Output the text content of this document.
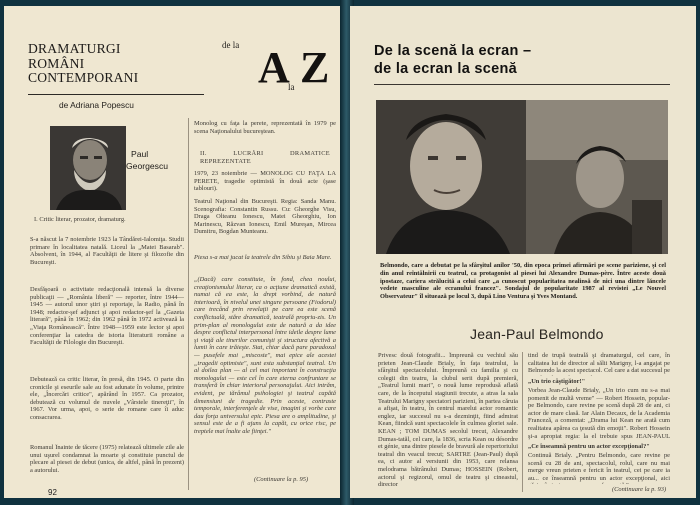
DRAMATURGI
ROMÂNI
CONTEMPORANI
de Adriana Popescu
de la A
la Z
Paul
Georgescu
I. Critic literar, prozator, dramaturg.
S-a născut la 7 noiembrie 1923 la Tândărei-Ialomiţa. Studii primare în localitatea natală. Liceul la „Matei Basarab". Absolvent, în 1944, al Facultăţii de litere şi filozofie din Bucureşti.
Desfăşoară o activitate redacţională intensă la diverse publicaţii — „România liberă" — reporter, între 1944—1945 — autorul unor ştiri şi reportaje, la Radio, până în 1948; redactor-şef adjunct şi apoi redactor-şef la „Gazeta literară", până în 1962; din 1962 până în 1972 activează la „Viaţa Românească". Între 1948—1959 este lector şi apoi conferenţiar la catedra de istoria literaturii române a Facultăţii de Filologie din Bucureşti.
Debutează ca critic literar, în presă, din 1945. O parte din cronicile şi eseurile sale au fost adunate în volume, printre ele, „Încercări critice", apărând în 1957. Ca prozator, debutează cu volumul de nuvele „Vârstele tinereţii", în 1967. Vor urma, apoi, o serie de romane care îi aduc consacrarea.
Romanul Înainte de tăcere (1975) relatează ultimele zile ale unui uşurel condamnat la moarte şi constituie punctul de plecare al piesei de debut (unica, de altfel, până în prezent) a autorului.
Monolog cu faţa la perete, reprezentată în 1979 pe scena Naţionalului bucureştean.
II. LUCRĂRI DRAMATICE REPREZENTATE
1979, 23 noiembrie — MONOLOG CU FAŢA LA PERETE, tragedie optimistă în două acte (şase tablouri).
Teatrul Naţional din Bucureşti. Regia: Sanda Manu. Scenografia: Constantin Russu. Cu: Gheorghe Visu, Draga Olteanu Ionescu, Matei Gheorghiu, Ion Marinescu, Răzvan Ionescu, Emil Mureşan, Mircea Dumitru, Bogdan Munteanu.
Piesa s-a mai jucat la teatrele din Sibiu şi Baia Mare.
„(Dacă) care constituie, în fond, chea noului, creaţionismului literar, ca o acţiune dramatică există, numai că ea este, la drept vorbind, de natură interioară, în nivelul unei singure persoane (Fiodorul) care trecând prin revelaţii pe care ea este scenă conflictuală, stăre dramatică, teatrală propriu-zis. Un prim-plan al monologului este de natură a da idee despre conflictul interpersonal între ideile despre lume şi viaţă ale tinerilor comunişti şi structura afectivă a lumii în care trăieşte. Stat, chiar dacă pare paradoxal — pusefele mai „miscoste", mai epice ale acestei „tragedii optimiste", sunt esta substanţial teatral. Un al doilea plan — al cel mai important în construcţia monologului — este cel în care eterna confruntare se transferă în chiar interiorul personajului. Aici intrăm, evident, pe tărâmul psihologiei şi teatrul capătă dimensiuni de tragedie. Prin aceste, contraste temporale, interferenţele de vise, imagini şi vorbe care dau forţa universului epic. Piesa are o amplitudine, şi sensul este de a fi ajuns la capăt, cu orice risc, pe treptele mai înalte ale fiinţei."
(Continuare la p. 95)
92
De la scenă la ecran –
de la ecran la scenă
Belmondo, care a debutat pe la sfârşitul anilor '50, din epoca primei afirmări pe scene pariziene, şi cel din anul reîntâlnirii cu teatrul, ca protagonist al piesei lui Alexandre Dumas-père. Între aceste două ipostaze, cariera strălucită a celui care „a cunoscut popularitatea nealinsă de nici una dintre lăncele vedete masculine ale ecranului francez". Sondajul de popularitate 1987 al revistei „Le Nouvel Observateur" îl situează pe locul 3, după Lino Ventura şi Yves Montand.
Jean-Paul Belmondo
Privesc două fotografii... Împreună cu vechiul său prieten Jean-Claude Brialy, în faţa teatrului, la sfârşitul spectacolului. Împreună cu familia şi cu colegii din teatru, la clubul serii după premieră, „Teatrul lumii mari", o nouă lume reprodusă aflată care, de la începutul stagiunii trecute, a atras la sala Teatrului Marigny spectatori parizieni, în partea căruia a afişat, în teatru, în centrul marelui actor romantic englez, iar succesul nu s-a dezminţit, fiind admirat Kean, fiindcă sunt spectacolele în culmea gloriei sale. KEAN ; TOM DUMAS secolul trecut, Alexandre Dumas-tatăl, cel care, la 1836, scria Kean ou désordre et génie, una dintre piesele de bravură ale repertoriului teatral din veacul trecut; SARTRE (Jean-Paul) după ea, ci autor al versiunii din 1953, care relansa melodrama bătrânului Dumas; HOSSEIN (Robert, actorul şi regizorul, omul de teatru şi cineastul, director
tind de trupă teatrală şi dramaturgul, cel care, în calitatea lui de director al sălii Marigny, l-a angajat pe Belmondo la acest spectacol. Cel care a dat succesul pe
„Un trio câştigător!"
Vorbea Jean-Claude Brialy, „Un trio cum nu s-a mai pomenit de multă vreme" — Robert Hossein, popular-pe Belmondo, care revine pe scenă după 28 de ani, ci actor de mare clasă. Iar Alain Decaux, de la Academia Franceză, a comentat: „Drama lui Kean ne arată cum realitatea apărea ca ţesută din emoţii". Robert Hossein şi-a apropiat regia: la el trebuie spus JEAN-PAUL
„Ce înseamnă pentru un actor excepţional?"
Continuă Brialy. „Pentru Belmondo, care revine pe scenă cu 28 de ani, spectacolul, rolul, care nu mai merge vreun prieten e fericit în teatrul, cei pe care ia au... ce înseamnă pentru un actor excepţional, aici
(Continuare la p. 93)
